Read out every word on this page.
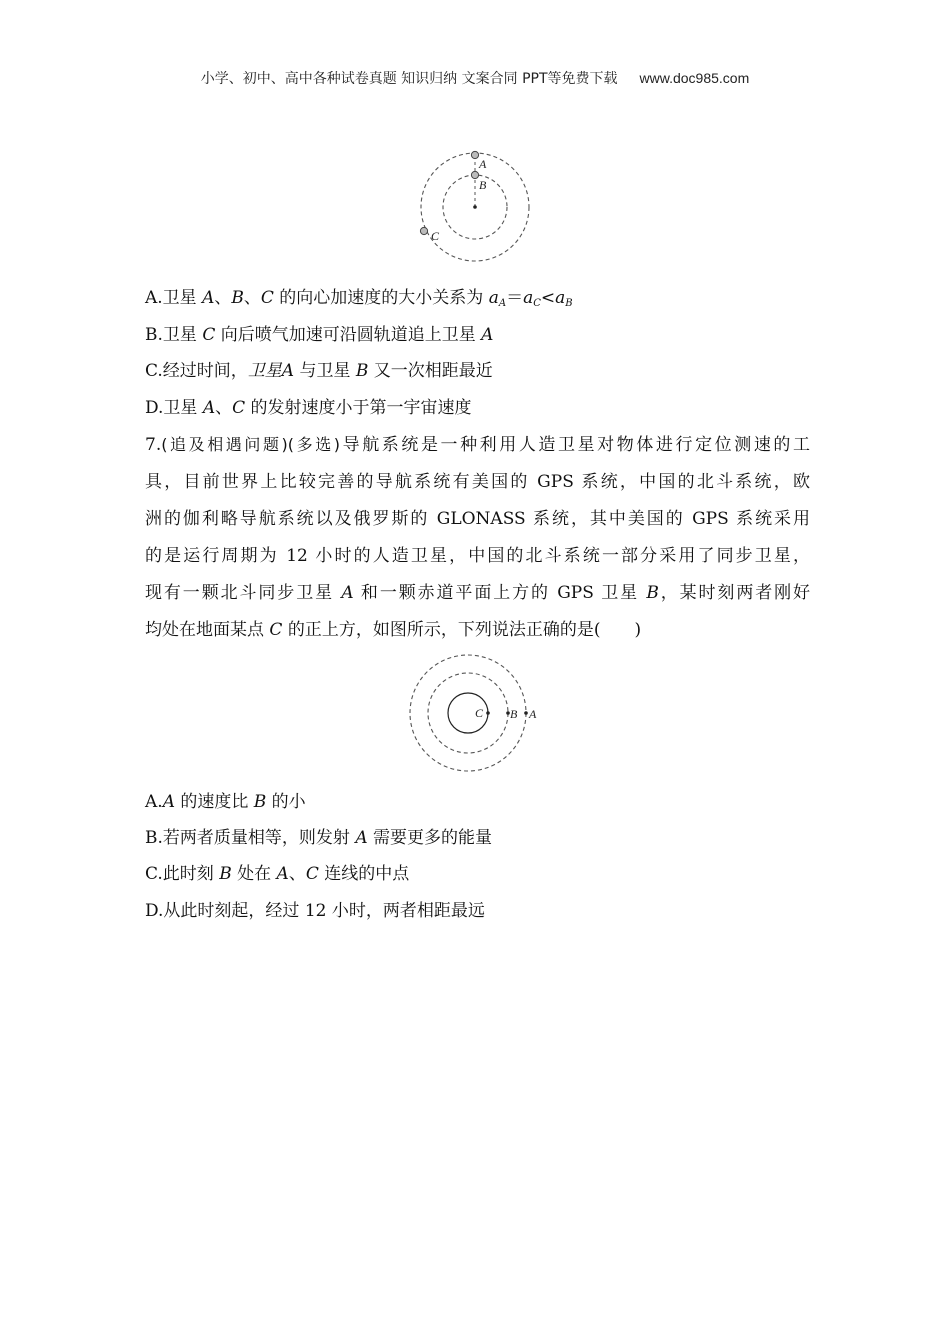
小学、初中、高中各种试卷真题 知识归纳 文案合同 PPT等免费下载 www.doc985.com
A
B
C
A.卫星 A、B、C 的向心加速度的大小关系为 $a_A=a_C<a_B$
B.卫星 C 向后喷气加速可沿圆轨道追上卫星 A
C.经过时间，卫星A 与卫星 B 又一次相距最近
D.卫星 A、C 的发射速度小于第一宇宙速度
7.(追及相遇问题)(多选)导航系统是一种利用人造卫星对物体进行定位测速的工
具，目前世界上比较完善的导航系统有美国的 GPS 系统，中国的北斗系统，欧
洲的伽利略导航系统以及俄罗斯的 GLONASS 系统，其中美国的 GPS 系统采用
的是运行周期为 12 小时的人造卫星，中国的北斗系统一部分采用了同步卫星，
现有一颗北斗同步卫星 A 和一颗赤道平面上方的 GPS 卫星 B，某时刻两者刚好
均处在地面某点 C 的正上方，如图所示，下列说法正确的是(　　)
C B A
A.A 的速度比 B 的小
B.若两者质量相等，则发射 A 需要更多的能量
C.此时刻 B 处在 A、C 连线的中点
D.从此时刻起，经过 12 小时，两者相距最远
